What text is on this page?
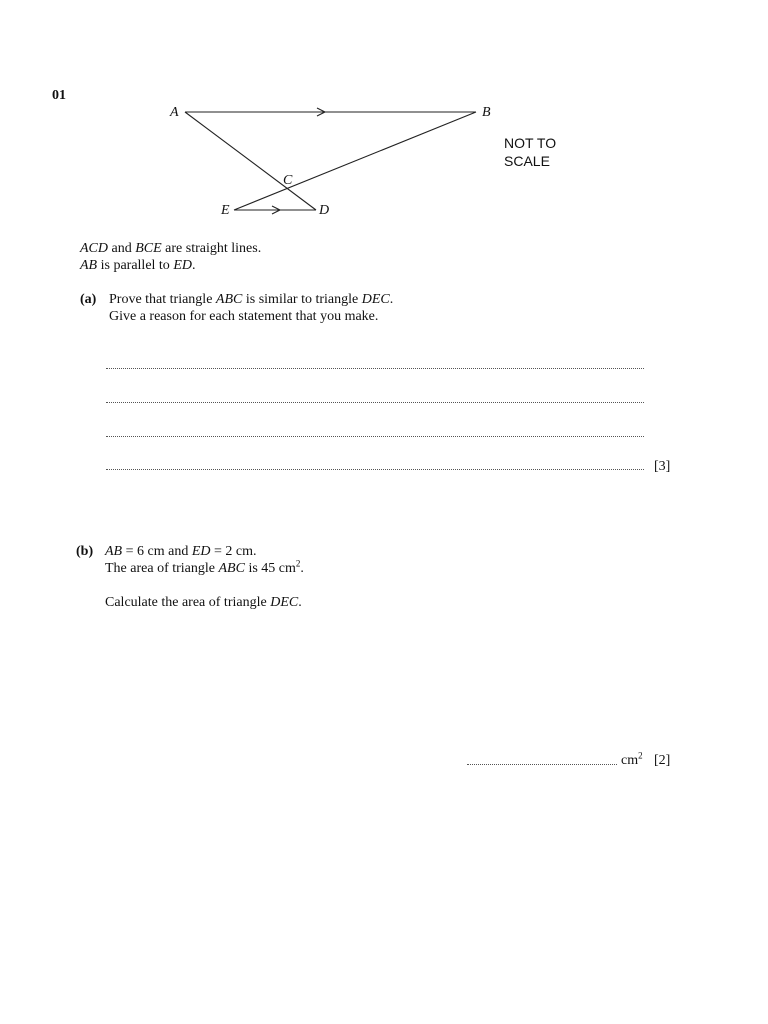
01
A	B
C
D
E
NOT TO
SCALE
ACD and BCE are straight lines.
AB is parallel to ED.
(a) Prove that triangle ABC is similar to triangle DEC.
Give a reason for each statement that you make.
[3]
(b) AB = 6 cm and ED = 2 cm.
The area of triangle ABC is 45 $cm^2$.
Calculate the area of triangle DEC.
$cm^2$ [2]
